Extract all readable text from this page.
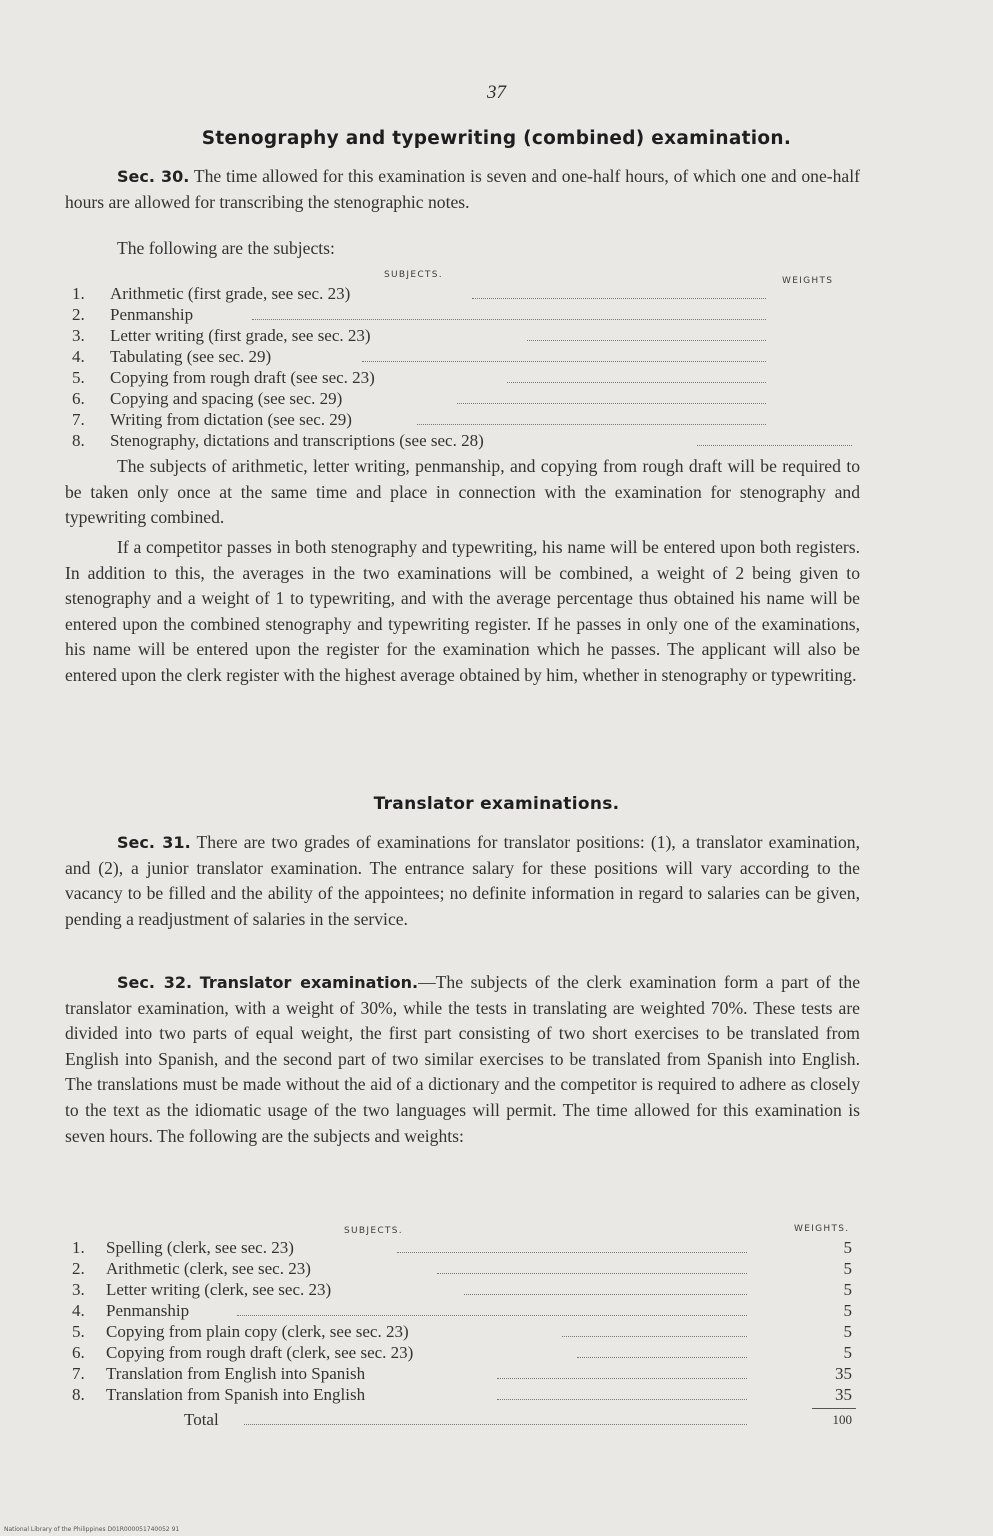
37
Stenography and typewriting (combined) examination.
Sec. 30. The time allowed for this examination is seven and one-half hours, of which one and one-half hours are allowed for transcribing the stenographic notes.
The following are the subjects:
SUBJECTS.
WEIGHTS
1.	Arithmetic (first grade, see sec. 23)
2.	Penmanship
3.	Letter writing (first grade, see sec. 23)
4.	Tabulating (see sec. 29)
5.	Copying from rough draft (see sec. 23)
6.	Copying and spacing (see sec. 29)
7.	Writing from dictation (see sec. 29)
8.	Stenography, dictations and transcriptions (see sec. 28)
The subjects of arithmetic, letter writing, penmanship, and copying from rough draft will be required to be taken only once at the same time and place in connection with the examination for stenography and typewriting combined.
If a competitor passes in both stenography and typewriting, his name will be entered upon both registers. In addition to this, the averages in the two examinations will be combined, a weight of 2 being given to stenography and a weight of 1 to typewriting, and with the average percentage thus obtained his name will be entered upon the combined stenography and typewriting register. If he passes in only one of the examinations, his name will be entered upon the register for the examination which he passes. The applicant will also be entered upon the clerk register with the highest average obtained by him, whether in stenography or typewriting.
Translator examinations.
Sec. 31. There are two grades of examinations for translator positions: (1), a translator examination, and (2), a junior translator examination. The entrance salary for these positions will vary according to the vacancy to be filled and the ability of the appointees; no definite information in regard to salaries can be given, pending a readjustment of salaries in the service.
Sec. 32. Translator examination.—The subjects of the clerk examination form a part of the translator examination, with a weight of 30%, while the tests in translating are weighted 70%. These tests are divided into two parts of equal weight, the first part consisting of two short exercises to be translated from English into Spanish, and the second part of two similar exercises to be translated from Spanish into English. The translations must be made without the aid of a dictionary and the competitor is required to adhere as closely to the text as the idiomatic usage of the two languages will permit. The time allowed for this examination is seven hours. The following are the subjects and weights:
SUBJECTS.	WEIGHTS.
1.	Spelling (clerk, see sec. 23)	5
2.	Arithmetic (clerk, see sec. 23)	5
3.	Letter writing (clerk, see sec. 23)	5
4.	Penmanship	5
5.	Copying from plain copy (clerk, see sec. 23)	5
6.	Copying from rough draft (clerk, see sec. 23)	5
7.	Translation from English into Spanish	35
8.	Translation from Spanish into English	35
Total	100
National Library of the Philippines D01R000051740052 91
